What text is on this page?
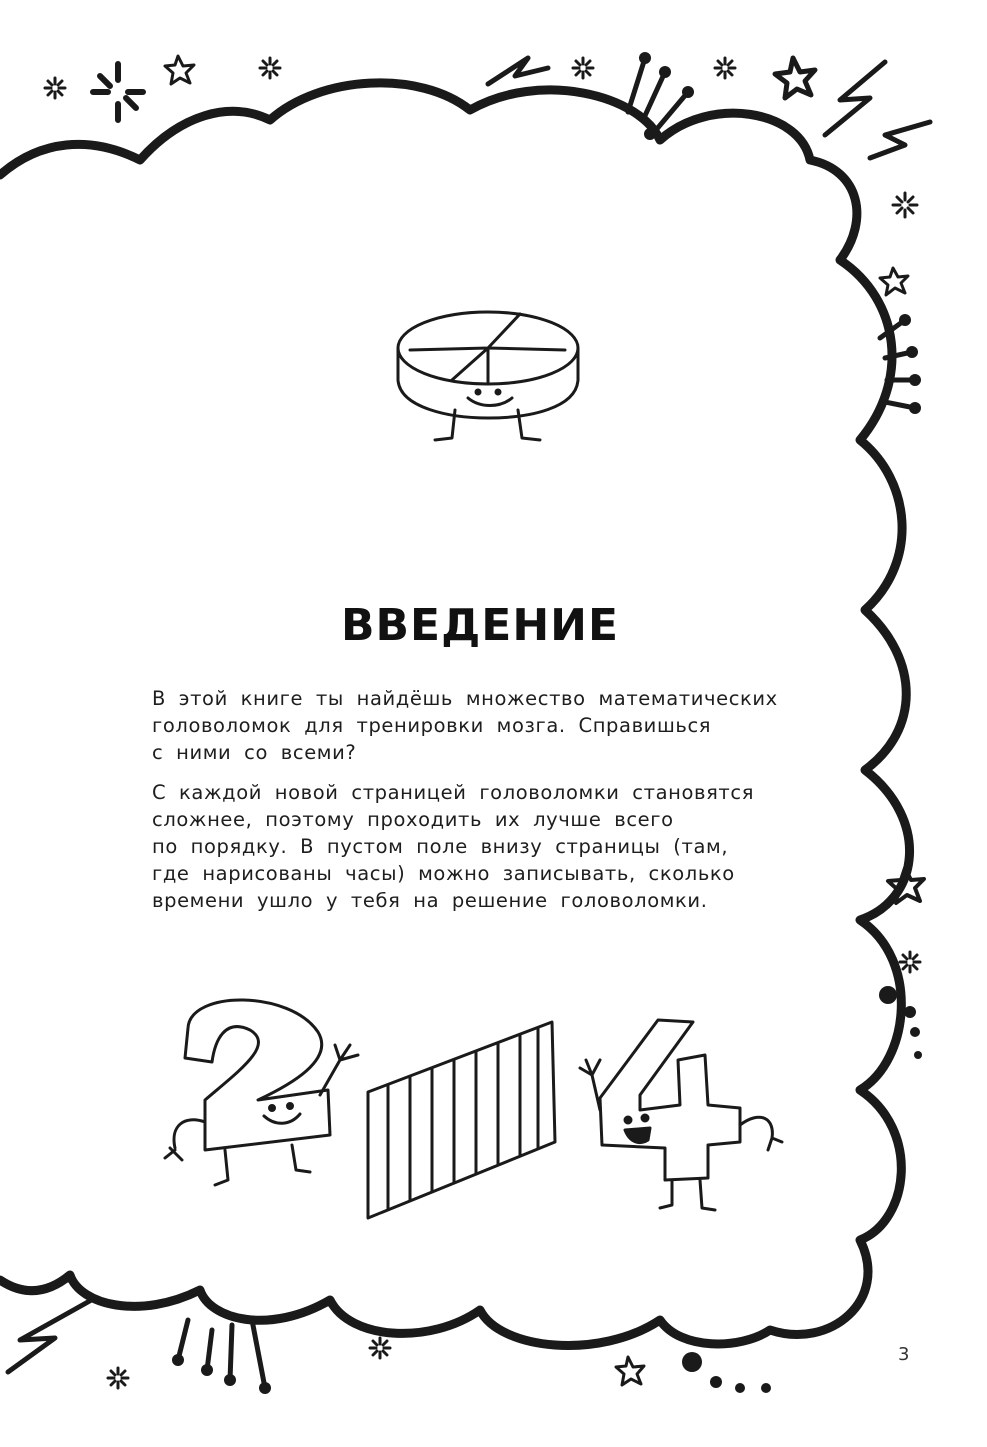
ВВЕДЕНИЕ

В этой книге ты найдёшь множество математических
головоломок для тренировки мозга. Справишься
с ними со всеми?

С каждой новой страницей головоломки становятся
сложнее, поэтому проходить их лучше всего
по порядку. В пустом поле внизу страницы (там,
где нарисованы часы) можно записывать, сколько
времени ушло у тебя на решение головоломки.

3
